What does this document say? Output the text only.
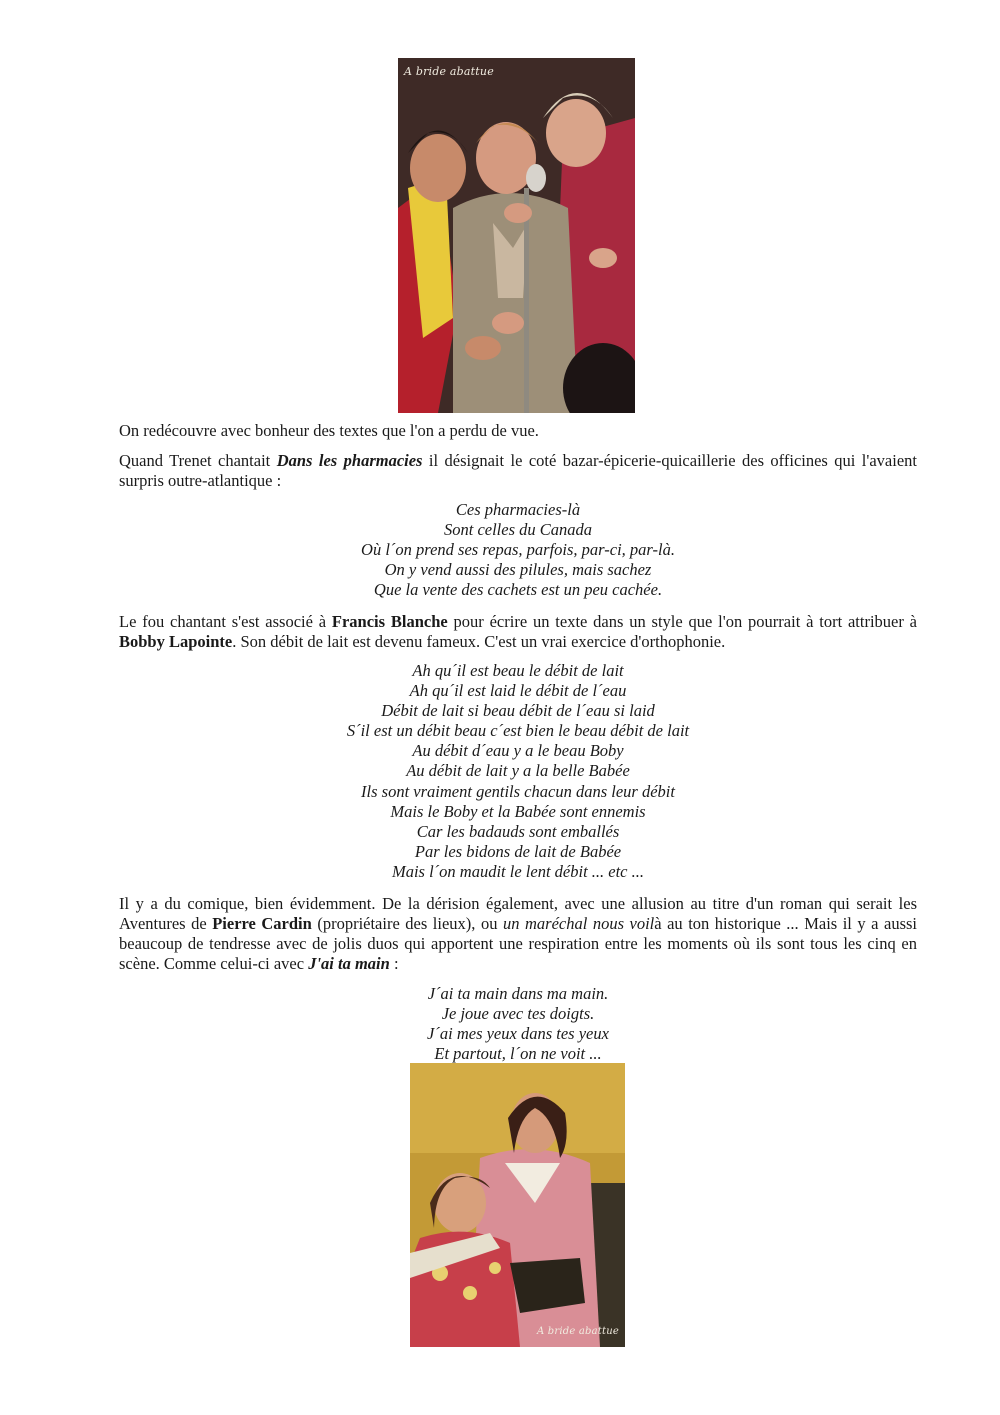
A bride abattue

On redécouvre avec bonheur des textes que l'on a perdu de vue.

Quand Trenet chantait Dans les pharmacies il désignait le coté bazar-épicerie-quicaillerie des officines qui l'avaient surpris outre-atlantique :

Ces pharmacies-là
Sont celles du Canada
Où l´on prend ses repas, parfois, par-ci, par-là.
On y vend aussi des pilules, mais sachez
Que la vente des cachets est un peu cachée.

Le fou chantant s'est associé à Francis Blanche pour écrire un texte dans un style que l'on pourrait à tort attribuer à Bobby Lapointe. Son débit de lait est devenu fameux. C'est un vrai exercice d'orthophonie.

Ah qu´il est beau le débit de lait
Ah qu´il est laid le débit de l´eau
Débit de lait si beau débit de l´eau si laid
S´il est un débit beau c´est bien le beau débit de lait
Au débit d´eau y a le beau Boby
Au débit de lait y a la belle Babée
Ils sont vraiment gentils chacun dans leur débit
Mais le Boby et la Babée sont ennemis
Car les badauds sont emballés
Par les bidons de lait de Babée
Mais l´on maudit le lent débit ... etc ...

Il y a du comique, bien évidemment. De la dérision également, avec une allusion au titre d'un roman qui serait les Aventures de Pierre Cardin (propriétaire des lieux), ou un maréchal nous voilà au ton historique ... Mais il y a aussi beaucoup de tendresse avec de jolis duos qui apportent une respiration entre les moments où ils sont tous les cinq en scène. Comme celui-ci avec J'ai ta main :

J´ai ta main dans ma main.
Je joue avec tes doigts.
J´ai mes yeux dans tes yeux
Et partout, l´on ne voit ...
A bride abattue
